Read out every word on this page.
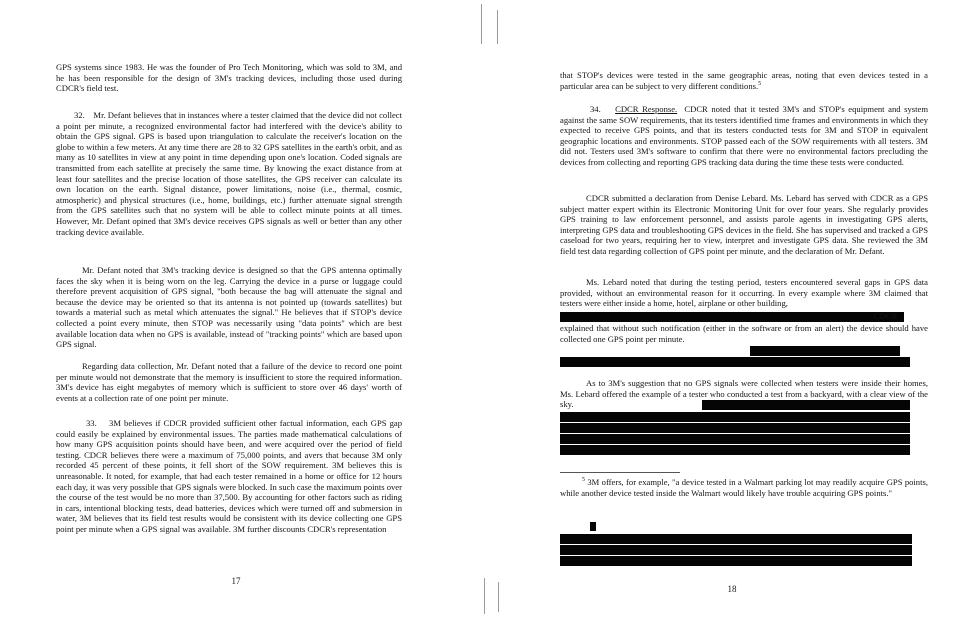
GPS systems since 1983. He was the founder of Pro Tech Monitoring, which was sold to 3M, and he has been responsible for the design of 3M's tracking devices, including those used during CDCR's field test.
32. Mr. Defant believes that in instances where a tester claimed that the device did not collect a point per minute, a recognized environmental factor had interfered with the device's ability to obtain the GPS signal. GPS is based upon triangulation to calculate the receiver's location on the globe to within a few meters. At any time there are 28 to 32 GPS satellites in the earth's orbit, and as many as 10 satellites in view at any point in time depending upon one's location. Coded signals are transmitted from each satellite at precisely the same time. By knowing the exact distance from at least four satellites and the precise location of those satellites, the GPS receiver can calculate its own location on the earth. Signal distance, power limitations, noise (i.e., thermal, cosmic, atmospheric) and physical structures (i.e., home, buildings, etc.) further attenuate signal strength from the GPS satellites such that no system will be able to collect minute points at all times. However, Mr. Defant opined that 3M's device receives GPS signals as well or better than any other tracking device available.
Mr. Defant noted that 3M's tracking device is designed so that the GPS antenna optimally faces the sky when it is being worn on the leg. Carrying the device in a purse or luggage could therefore prevent acquisition of GPS signal, "both because the bag will attenuate the signal and because the device may be oriented so that its antenna is not pointed up (towards satellites) but towards a material such as metal which attenuates the signal." He believes that if STOP's device collected a point every minute, then STOP was necessarily using "data points" which are best available location data when no GPS is available, instead of "tracking points" which are based upon GPS signal.
Regarding data collection, Mr. Defant noted that a failure of the device to record one point per minute would not demonstrate that the memory is insufficient to store the required information. 3M's device has eight megabytes of memory which is sufficient to store over 46 days' worth of events at a collection rate of one point per minute.
33. 3M believes if CDCR provided sufficient other factual information, each GPS gap could easily be explained by environmental issues. The parties made mathematical calculations of how many GPS acquisition points should have been, and were acquired over the period of field testing. CDCR believes there were a maximum of 75,000 points, and avers that because 3M only recorded 45 percent of these points, it fell short of the SOW requirement. 3M believes this is unreasonable. It noted, for example, that had each tester remained in a home or office for 12 hours each day, it was very possible that GPS signals were blocked. In such case the maximum points over the course of the test would be no more than 37,500. By accounting for other factors such as riding in cars, intentional blocking tests, dead batteries, devices which were turned off and submersion in water, 3M believes that its field test results would be consistent with its device collecting one GPS point per minute when a GPS signal was available. 3M further discounts CDCR's representation
17
that STOP's devices were tested in the same geographic areas, noting that even devices tested in a particular area can be subject to very different conditions.$^5$
34. CDCR Response. CDCR noted that it tested 3M's and STOP's equipment and system against the same SOW requirements, that its testers identified time frames and environments in which they expected to receive GPS points, and that its testers conducted tests for 3M and STOP in equivalent geographic locations and environments. STOP passed each of the SOW requirements with all testers. 3M did not. Testers used 3M's software to confirm that there were no environmental factors precluding the devices from collecting and reporting GPS tracking data during the time these tests were conducted.
CDCR submitted a declaration from Denise Lebard. Ms. Lebard has served with CDCR as a GPS subject matter expert within its Electronic Monitoring Unit for over four years. She regularly provides GPS training to law enforcement personnel, and assists parole agents in investigating GPS alerts, interpreting GPS data and troubleshooting GPS devices in the field. She has supervised and tracked a GPS caseload for two years, requiring her to view, interpret and investigate GPS data. She reviewed the 3M field test data regarding collection of GPS point per minute, and the declaration of Mr. Defant.
Ms. Lebard noted that during the testing period, testers encountered several gaps in GPS data provided, without an environmental reason for it occurring. In every example where 3M claimed that testers were either inside a home, hotel, airplane or other building,
CDCR
explained that without such notification (either in the software or from an alert) the device should have collected one GPS point per minute.
As to 3M's suggestion that no GPS signals were collected when testers were inside their homes, Ms. Lebard offered the example of a tester who conducted a test from a backyard, with a clear view of the sky.
$^5$ 3M offers, for example, "a device tested in a Walmart parking lot may readily acquire GPS points, while another device tested inside the Walmart would likely have trouble acquiring GPS points."
18
